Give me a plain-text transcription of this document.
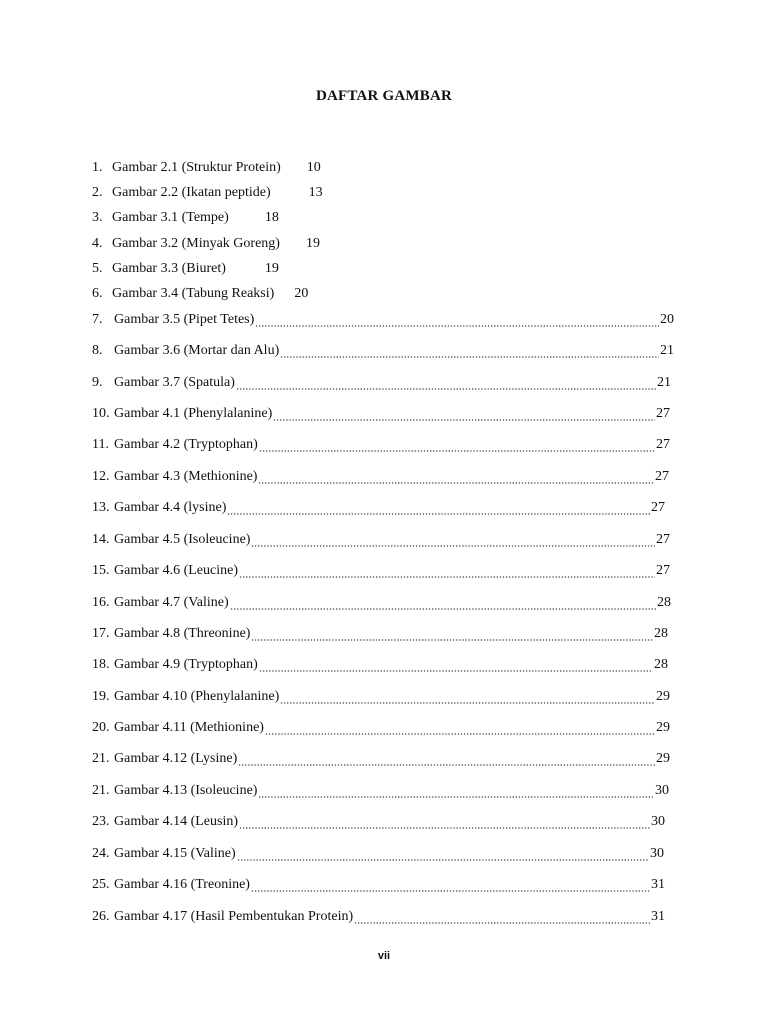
DAFTAR GAMBAR
1. Gambar 2.1 (Struktur Protein) 10
2. Gambar 2.2 (Ikatan peptide)	13
3. Gambar 3.1 (Tempe)	18
4. Gambar 3.2 (Minyak Goreng) 19
5. Gambar 3.3 (Biuret)	19
6. Gambar 3.4 (Tabung Reaksi) 20
7. Gambar 3.5 (Pipet Tetes)	20
8. Gambar 3.6 (Mortar dan Alu)	21
9. Gambar 3.7 (Spatula)	21
10. Gambar 4.1 (Phenylalanine)	27
11. Gambar 4.2 (Tryptophan)	27
12. Gambar 4.3 (Methionine)	27
13. Gambar 4.4 (lysine)	27
14. Gambar 4.5 (Isoleucine)	27
15. Gambar 4.6 (Leucine)	27
16. Gambar 4.7 (Valine)	28
17. Gambar 4.8 (Threonine)	28
18. Gambar 4.9 (Tryptophan)	28
19. Gambar 4.10 (Phenylalanine)	29
20. Gambar 4.11 (Methionine)	29
21. Gambar 4.12 (Lysine)	29
21. Gambar 4.13 (Isoleucine)	30
23. Gambar 4.14 (Leusin)	30
24. Gambar 4.15 (Valine)	30
25. Gambar 4.16 (Treonine)	31
26. Gambar 4.17 (Hasil Pembentukan Protein)	31
vii
